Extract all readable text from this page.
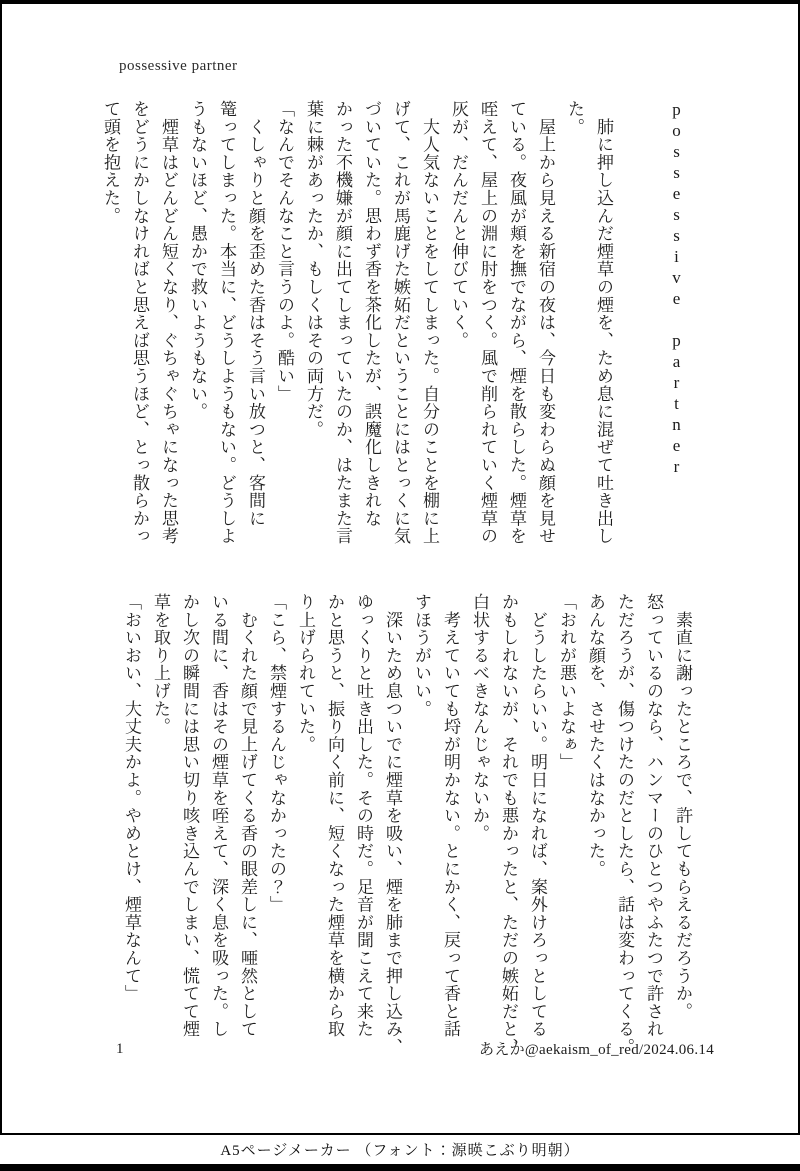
possessive partner

possessive partner

　肺に押し込んだ煙草の煙を、ため息に混ぜて吐き出し

た。

　屋上から見える新宿の夜は、今日も変わらぬ顔を見せ

ている。夜風が頬を撫でながら、煙を散らした。煙草を

咥えて、屋上の淵に肘をつく。風で削られていく煙草の

灰が、だんだんと伸びていく。

　大人気ないことをしてしまった。自分のことを棚に上

げて、これが馬鹿げた嫉妬だということにはとっくに気

づいていた。思わず香を茶化したが、誤魔化しきれな

かった不機嫌が顔に出てしまっていたのか、はたまた言

葉に棘があったか、もしくはその両方だ。

「なんでそんなこと言うのよ。酷い」

　くしゃりと顔を歪めた香はそう言い放つと、客間に

篭ってしまった。本当に、どうしようもない。どうしよ

うもないほど、愚かで救いようもない。

　煙草はどんどん短くなり、ぐちゃぐちゃになった思考

をどうにかしなければと思えば思うほど、とっ散らかっ

て頭を抱えた。

　素直に謝ったところで、許してもらえるだろうか。

怒っているのなら、ハンマーのひとつやふたつで許され

ただろうが、傷つけたのだとしたら、話は変わってくる。

あんな顔を、させたくはなかった。

「おれが悪いよなぁ」

　どうしたらいい。明日になれば、案外けろっとしてる

かもしれないが、それでも悪かったと、ただの嫉妬だと、

白状するべきなんじゃないか。

　考えていても埒が明かない。とにかく、戻って香と話

すほうがいい。

　深いため息ついでに煙草を吸い、煙を肺まで押し込み、

ゆっくりと吐き出した。その時だ。足音が聞こえて来た

かと思うと、振り向く前に、短くなった煙草を横から取

り上げられていた。

「こら、禁煙するんじゃなかったの？」

　むくれた顔で見上げてくる香の眼差しに、唖然として

いる間に、香はその煙草を咥えて、深く息を吸った。し

かし次の瞬間には思い切り咳き込んでしまい、慌てて煙

草を取り上げた。

「おいおい、大丈夫かよ。やめとけ、煙草なんて」

1	あえか@aekaism_of_red/2024.06.14
A5ページメーカー （フォント：源暎こぶり明朝）
